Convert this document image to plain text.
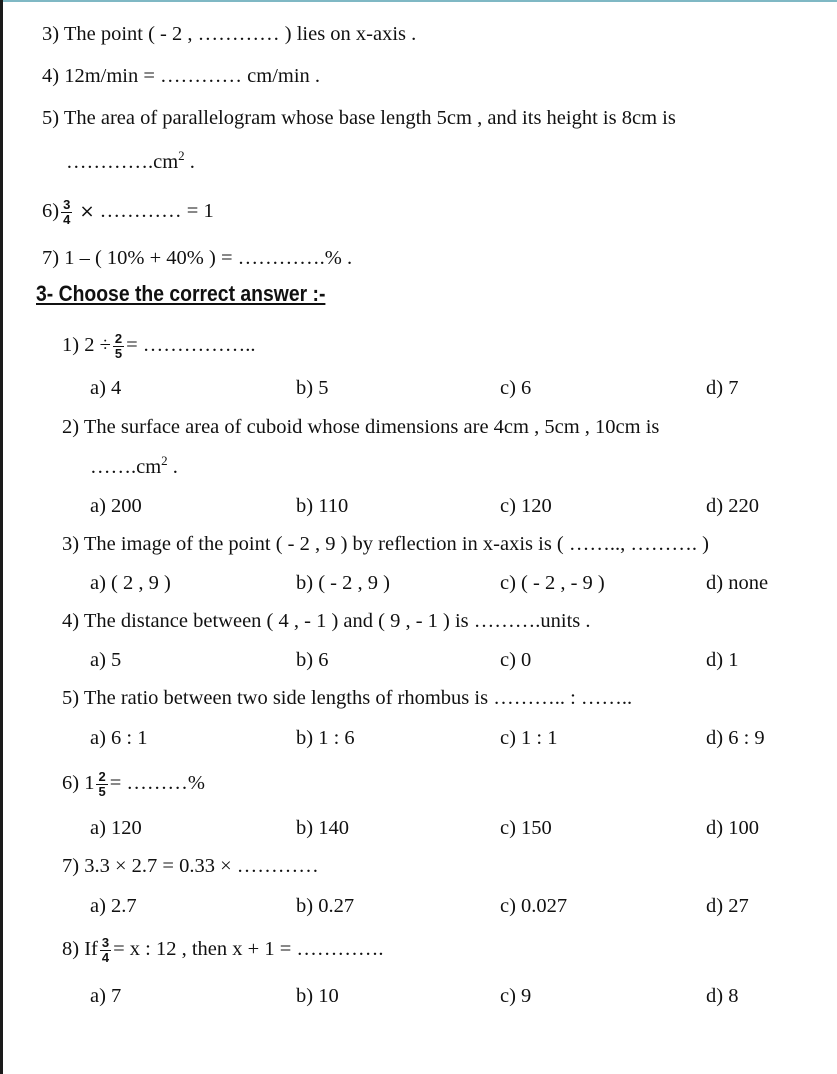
3) The point ( - 2 , ………… ) lies on x-axis .
4) 12m/min = ………… cm/min .
5) The area of parallelogram whose base length 5cm , and its height is 8cm is
$\dots\dots\dots\dots.cm^2$ .
$6) \frac{3}{4}$ × ………… = 1
7) 1 – ( 10% + 40% ) = ………….% .
3- Choose the correct answer :-
1) $2 \div \frac{2}{5}$ = ……………..
a) 4	b) 5	c) 6	d) 7
2) The surface area of cuboid whose dimensions are 4cm , 5cm , 10cm is
$\dots\dots.cm^2$ .
a) 200	b) 110	c) 120	d) 220
3) The image of the point ( - 2 , 9 ) by reflection in x-axis is ( …….., ………. )
a) ( 2 , 9 )	b) ( - 2 , 9 )	c) ( - 2 , - 9 )	d) none
4) The distance between ( 4 , - 1 ) and ( 9 , - 1 ) is ……….units .
a) 5	b) 6	c) 0	d) 1
5) The ratio between two side lengths of rhombus is ……….. : ……..
a) 6 : 1	b) 1 : 6	c) 1 : 1	d) 6 : 9
6) $1 \frac{2}{5}$ = ………%
a) 120	b) 140	c) 150	d) 100
7) 3.3 × 2.7 = 0.33 × …………
a) 2.7	b) 0.27	c) 0.027	d) 27
8) If $\frac{3}{4} = x$ : 12 , then x + 1 = ………….
a) 7	b) 10	c) 9	d) 8
